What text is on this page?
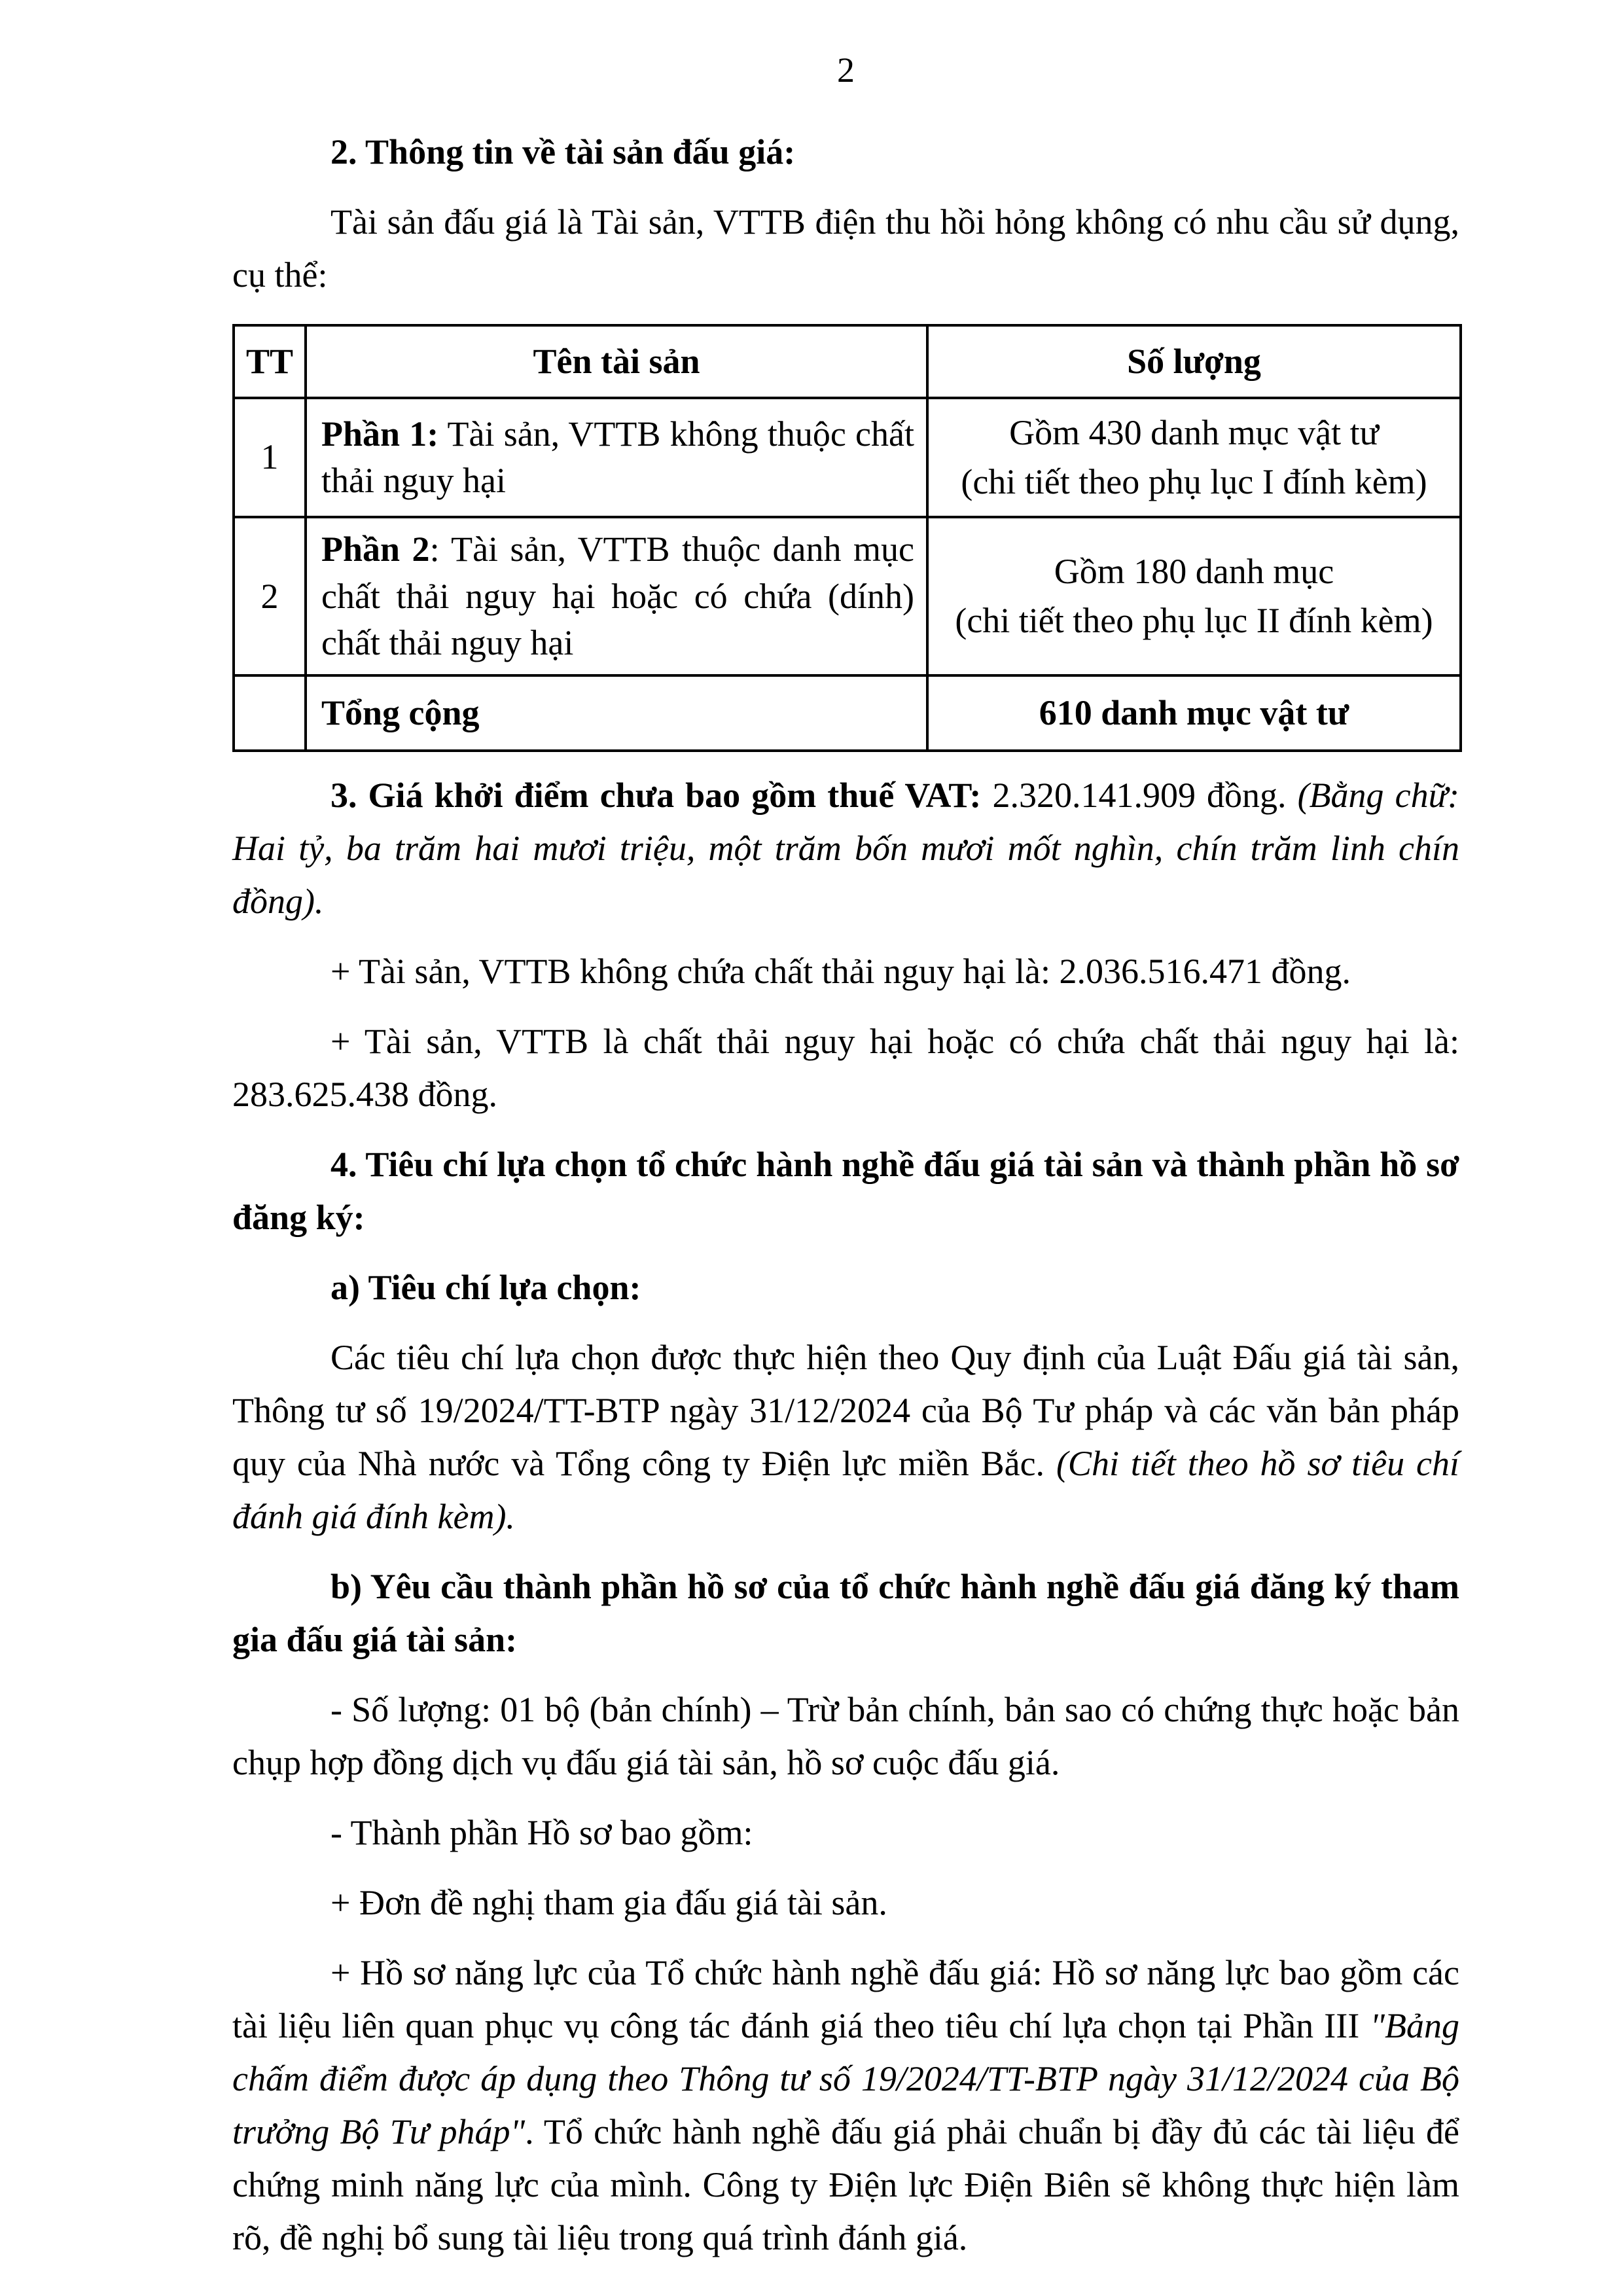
2

2. Thông tin về tài sản đấu giá:

Tài sản đấu giá là Tài sản, VTTB điện thu hồi hỏng không có nhu cầu sử dụng, cụ thể:

TT	Tên tài sản	Số lượng
1	Phần 1: Tài sản, VTTB không thuộc chất thải nguy hại	Gồm 430 danh mục vật tư
(chi tiết theo phụ lục I đính kèm)

2	Phần 2: Tài sản, VTTB thuộc danh mục chất thải nguy hại hoặc có chứa (dính) chất thải nguy hại	Gồm 180 danh mục
(chi tiết theo phụ lục II đính kèm)

	Tổng cộng	610 danh mục vật tư

3. Giá khởi điểm chưa bao gồm thuế VAT: 2.320.141.909 đồng. (Bằng chữ: Hai tỷ, ba trăm hai mươi triệu, một trăm bốn mươi mốt nghìn, chín trăm linh chín đồng).

+ Tài sản, VTTB không chứa chất thải nguy hại là: 2.036.516.471 đồng.

+ Tài sản, VTTB là chất thải nguy hại hoặc có chứa chất thải nguy hại là: 283.625.438 đồng.

4. Tiêu chí lựa chọn tổ chức hành nghề đấu giá tài sản và thành phần hồ sơ đăng ký:

a) Tiêu chí lựa chọn:

Các tiêu chí lựa chọn được thực hiện theo Quy định của Luật Đấu giá tài sản, Thông tư số 19/2024/TT-BTP ngày 31/12/2024 của Bộ Tư pháp và các văn bản pháp quy của Nhà nước và Tổng công ty Điện lực miền Bắc. (Chi tiết theo hồ sơ tiêu chí đánh giá đính kèm).

b) Yêu cầu thành phần hồ sơ của tổ chức hành nghề đấu giá đăng ký tham gia đấu giá tài sản:

- Số lượng: 01 bộ (bản chính) – Trừ bản chính, bản sao có chứng thực hoặc bản chụp hợp đồng dịch vụ đấu giá tài sản, hồ sơ cuộc đấu giá.

- Thành phần Hồ sơ bao gồm:

+ Đơn đề nghị tham gia đấu giá tài sản.

+ Hồ sơ năng lực của Tổ chức hành nghề đấu giá: Hồ sơ năng lực bao gồm các tài liệu liên quan phục vụ công tác đánh giá theo tiêu chí lựa chọn tại Phần III "Bảng chấm điểm được áp dụng theo Thông tư số 19/2024/TT-BTP ngày 31/12/2024 của Bộ trưởng Bộ Tư pháp". Tổ chức hành nghề đấu giá phải chuẩn bị đầy đủ các tài liệu để chứng minh năng lực của mình. Công ty Điện lực Điện Biên sẽ không thực hiện làm rõ, đề nghị bổ sung tài liệu trong quá trình đánh giá.
